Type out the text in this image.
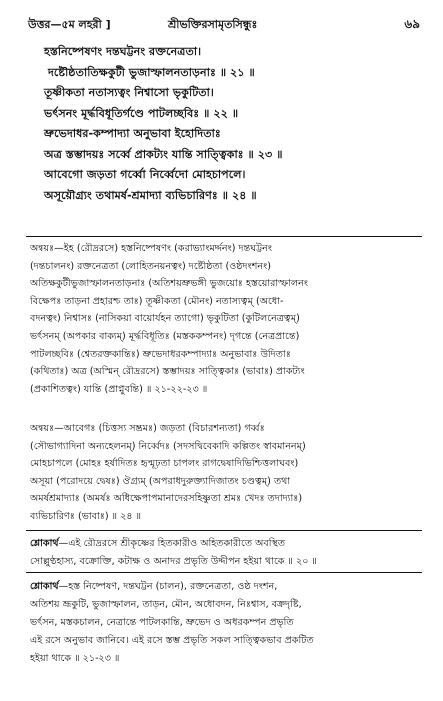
উত্তর—৫ম লহরী ]	শ্রীভক্তিরসামৃতসিন্ধুঃ	৬৯
হস্তনিষ্পেষণং দন্তঘট্টনং রক্তনেত্রতা।
দষ্টৌষ্ঠতাতিক্ষকুটী ভুজাস্ফালনতাড়নাঃ ॥ ২১ ॥
তূষ্ণীকতা নতাস্যত্বং নিশ্বাসো ভৃকুটিতা।
ভর্ৎসনং মূর্দ্ধবিধূতির্গণ্ডে পাটলচ্ছবিঃ ॥ ২২ ॥
ভ্রুভেদাধর-কম্পাদ্যা অনুভাবা ইহোদিতাঃ
অত্র স্তম্ভাদয়ঃ সর্ব্বে প্রাকট্যং যান্তি সাত্ত্বিকাঃ ॥ ২৩ ॥
আবেগো জড়তা গর্ব্বো নির্ব্বেদো মোহচাপলে।
অসূয়ৌগ্র্যং তথামর্ষ-শ্রমাদ্যা ব্যভিচারিণঃ ॥ ২৪ ॥
অন্বয়ঃ—ইহ (রৌদ্ররসে) হস্তনিষ্পেষণং (করাভ্যাংমর্দ্দনং) দন্তঘট্টনং
(দন্তচালনং) রক্তনেত্রতা (লোহিতনয়নত্বং) দষ্টৌষ্ঠতা (ওষ্ঠদংশনং)
অতিক্ষকুটীভুজাস্ফালনতাড়নাঃ (অতিশয়ভ্রুভঙ্গী ভুজয়োঃ হস্তয়োরাস্ফালনং
বিক্ষেপঃ তাড়না প্রহারশ্চ তাঃ) তূষ্ণীকতা (মৌনং) নতাস্যত্বম্ (অধো-
বদনত্বং) নিশ্বাসঃ (নাসিকয়া বায়োর্যহন ত্যাগো) ভৃকুটিতা (কুটিলনেত্রত্বম্)
ভর্ৎসনম্ (অপকার বাক্যম্) মূর্দ্ধবিধূতিঃ (মস্তককম্পনং) দৃগন্তে (নেত্রপ্রান্তে)
পাটলচ্ছবিঃ (শ্বেতরক্তকান্তিঃ) ভ্রুভেদাধরকম্পাদ্যাঃ অনুভাবাঃ উদিতাঃ
(কথিতাঃ) অত্র (অস্মিন্ রৌদ্ররসে) স্তম্ভাদয়ঃ সাত্ত্বিকাঃ (ভাবাঃ) প্রাকট্যং
(প্রকাশিতত্বং) যান্তি (প্রাপ্নুবন্তি) ॥ ২১-২২-২৩ ॥
অন্বয়ঃ—আবেগঃ (চিত্তস্য সম্ভ্রমঃ) জড়তা (বিচারশন্যতা) গর্ব্বঃ
(সৌভাগ্যাদিনা অন্যহেলনম্) নির্ব্বেদঃ (সদসদ্বিবেকাদি কল্পিতং স্বাবমাননম্)
মোহচাপলে (মোহঃ হর্ষাদিতঃ হৃন্মূঢ়তা চাপলং রাগদ্বেষাদিভিশ্চিত্তলাঘবং)
অসূয়া (পরোদয়ে দ্বেষঃ) ঔগ্র্যম্ (অপরাধদুরুক্ত্যাদিজাতং চণ্ডত্বম্) তথা
অমর্ষশ্রমাদ্যাঃ (অমর্ষঃ অধিক্ষেপাপমানাদেরসহিষ্ণুতা শ্রমঃ খেদঃ তদাদ্যাঃ)
ব্যভিচারিণঃ (ভাবাঃ) ॥ ২৪ ॥
শ্লোকার্থ—এই রৌদ্ররসে শ্রীকৃষ্ণের হিতকারীও অহিতকারীতে অবস্থিত
সোল্লুণ্ঠহাস্য, বক্রোক্তি, কটাক্ষ ও অনাদর প্রভৃতি উদ্দীপন হইয়া থাকে ॥ ২০ ॥
শ্লোকার্থ—হস্ত নিষ্পেষণ, দন্তঘট্টন (চালন), রক্তনেত্রতা, ওষ্ঠ দংশন,
অতিশয় ভ্রূকুটি, ভুজাস্ফালন, তাড়ন, মৌন, অধোবদন, নিঃশ্বাস, বক্রদৃষ্টি,
ভর্ৎসন, মস্তকচালন, নেত্রান্তে পাটলকান্তি, ভ্রুভেদ ও অধরকম্পন প্রভৃতি
এই রসে অনুভাব জানিবে। এই রসে স্তম্ভ প্রভৃতি সকল সাত্ত্বিকভাব প্রকটিত
হইয়া থাকে ॥ ২১-২৩ ॥
